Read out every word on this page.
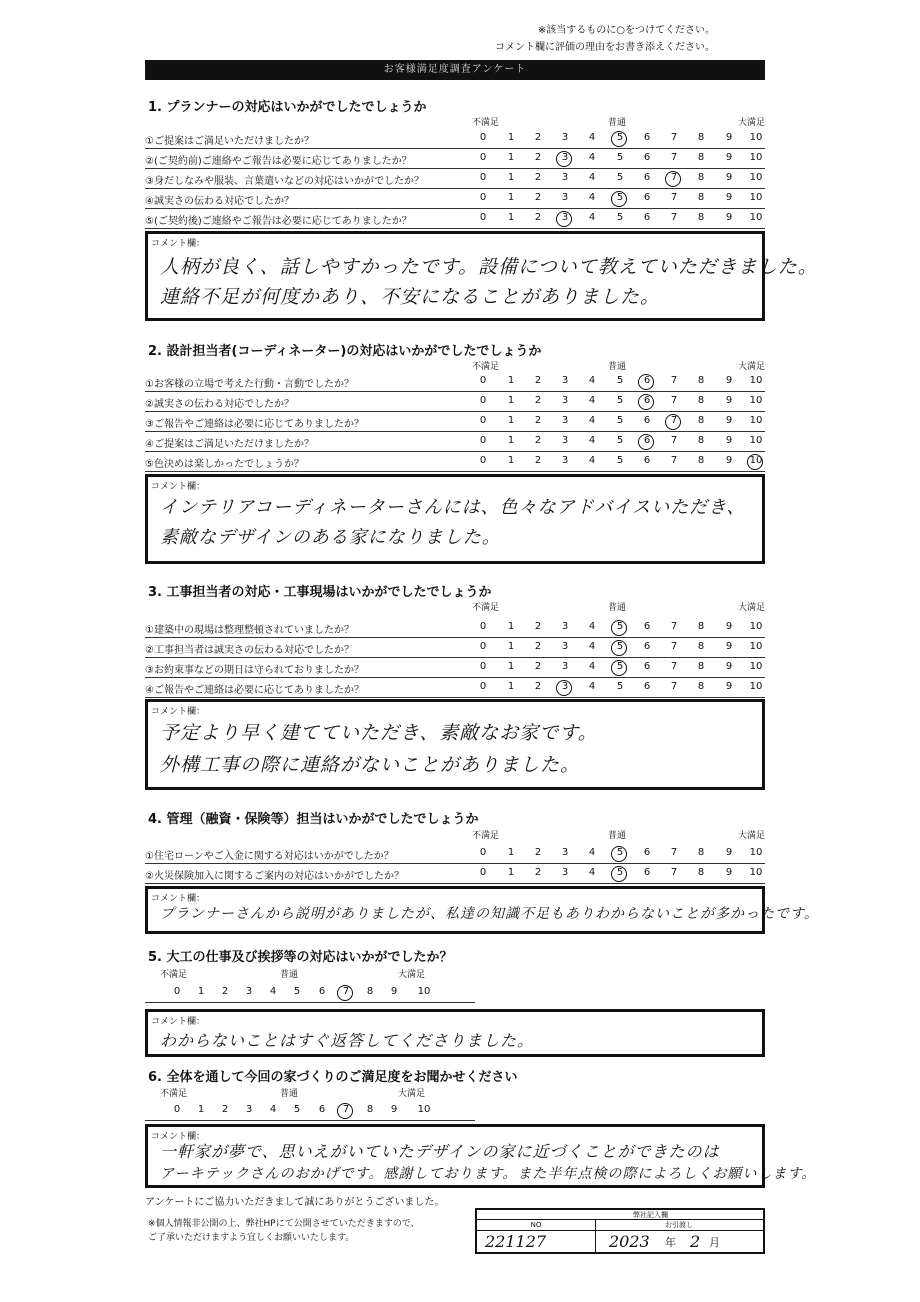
※該当するものに○をつけてください。
コメント欄に評価の理由をお書き添えください。
お客様満足度調査アンケート
1. プランナーの対応はいかがでしたでしょうか
不満足	普通	大満足
①ご提案はご満足いただけましたか？	0	1	2	3	4	5	6	7	8	9	10
②(ご契約前)ご連絡やご報告は必要に応じてありましたか？	0	1	2	3	4	5	6	7	8	9	10
③身だしなみや服装、言葉遣いなどの対応はいかがでしたか？	0	1	2	3	4	5	6	7	8	9	10
④誠実さの伝わる対応でしたか？	0	1	2	3	4	5	6	7	8	9	10
⑤(ご契約後)ご連絡やご報告は必要に応じてありましたか？	0	1	2	3	4	5	6	7	8	9	10
コメント欄：
人柄が良く、話しやすかったです。設備について教えていただきました。
連絡不足が何度かあり、不安になることがありました。
2. 設計担当者(コーディネーター)の対応はいかがでしたでしょうか
不満足	普通	大満足
①お客様の立場で考えた行動・言動でしたか？	0	1	2	3	4	5	6	7	8	9	10
②誠実さの伝わる対応でしたか？	0	1	2	3	4	5	6	7	8	9	10
③ご報告やご連絡は必要に応じてありましたか？	0	1	2	3	4	5	6	7	8	9	10
④ご提案はご満足いただけましたか？	0	1	2	3	4	5	6	7	8	9	10
⑤色決めは楽しかったでしょうか？	0	1	2	3	4	5	6	7	8	9	10
コメント欄：
インテリアコーディネーターさんには、色々なアドバイスいただき、
素敵なデザインのある家になりました。
3. 工事担当者の対応・工事現場はいかがでしたでしょうか
不満足	普通	大満足
①建築中の現場は整理整頓されていましたか？	0	1	2	3	4	5	6	7	8	9	10
②工事担当者は誠実さの伝わる対応でしたか？	0	1	2	3	4	5	6	7	8	9	10
③お約束事などの期日は守られておりましたか？	0	1	2	3	4	5	6	7	8	9	10
④ご報告やご連絡は必要に応じてありましたか？	0	1	2	3	4	5	6	7	8	9	10
コメント欄：
予定より早く建てていただき、素敵なお家です。
外構工事の際に連絡がないことがありました。
4. 管理（融資・保険等）担当はいかがでしたでしょうか
不満足	普通	大満足
①住宅ローンやご入金に関する対応はいかがでしたか？	0	1	2	3	4	5	6	7	8	9	10
②火災保険加入に関するご案内の対応はいかがでしたか？	0	1	2	3	4	5	6	7	8	9	10
コメント欄：
プランナーさんから説明がありましたが、私達の知識不足もありわからないことが多かったです。
5. 大工の仕事及び挨拶等の対応はいかがでしたか？
不満足	普通	大満足
0	1	2	3	4	5	6	7	8	9	10
コメント欄：
わからないことはすぐ返答してくださりました。
6. 全体を通して今回の家づくりのご満足度をお聞かせください
不満足	普通	大満足
0	1	2	3	4	5	6	7	8	9	10
コメント欄：
一軒家が夢で、思いえがいていたデザインの家に近づくことができたのは
アーキテックさんのおかげです。感謝しております。また半年点検の際によろしくお願いします。
アンケートにご協力いただきまして誠にありがとうございました。
※個人情報非公開の上、弊社HPにて公開させていただきますので、
ご了承いただけますよう宜しくお願いいたします。
弊社記入欄
NO	お引渡し
221127	2023 年 2 月
